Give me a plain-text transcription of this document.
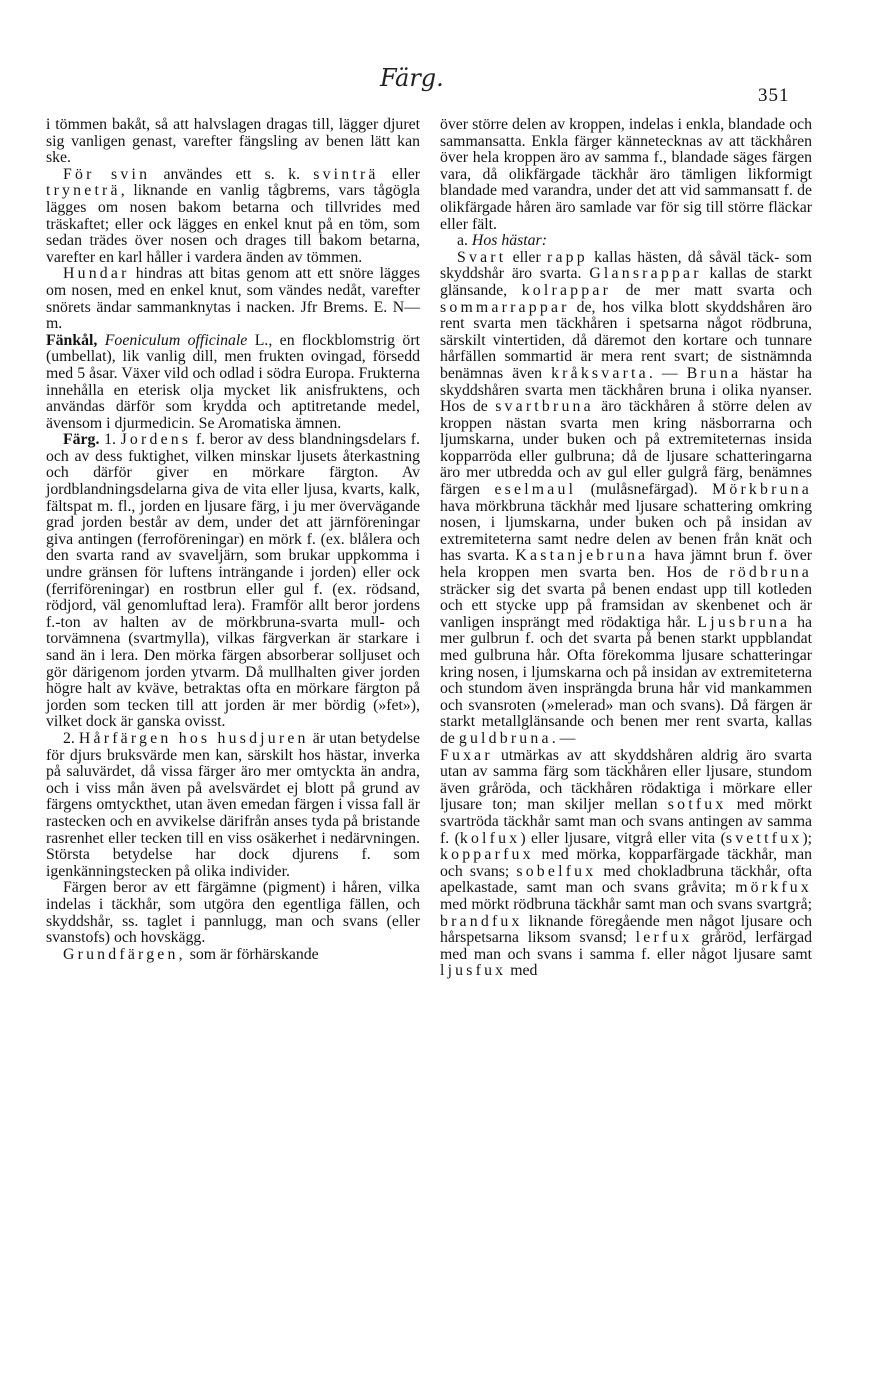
Färg.
351

i tömmen bakåt, så att halvslagen dragas till, lägger djuret sig vanligen genast, varefter fängsling av benen lätt kan ske.

För svin användes ett s. k. svinträ eller tryneträ, liknande en vanlig tågbrems, vars tågögla lägges om nosen bakom betarna och tillvrides med träskaftet; eller ock lägges en enkel knut på en töm, som sedan trädes över nosen och drages till bakom betarna, varefter en karl håller i vardera änden av tömmen.

Hundar hindras att bitas genom att ett snöre lägges om nosen, med en enkel knut, som vändes nedåt, varefter snörets ändar sammanknytas i nacken. Jfr Brems. E. N—m.

Fänkål, Foeniculum officinale L., en flockblomstrig ört (umbellat), lik vanlig dill, men frukten ovingad, försedd med 5 åsar. Växer vild och odlad i södra Europa. Frukterna innehålla en eterisk olja mycket lik anisfruktens, och användas därför som krydda och aptitretande medel, ävensom i djurmedicin. Se Aromatiska ämnen.

Färg. 1. Jordens f. beror av dess blandningsdelars f. och av dess fuktighet, vilken minskar ljusets återkastning och därför giver en mörkare färgton. Av jordblandningsdelarna giva de vita eller ljusa, kvarts, kalk, fältspat m. fl., jorden en ljusare färg, i ju mer övervägande grad jorden består av dem, under det att järnföreningar giva antingen (ferroföreningar) en mörk f. (ex. blålera och den svarta rand av svaveljärn, som brukar uppkomma i undre gränsen för luftens inträngande i jorden) eller ock (ferriföreningar) en rostbrun eller gul f. (ex. rödsand, rödjord, väl genomluftad lera). Framför allt beror jordens f.-ton av halten av de mörkbruna-svarta mull- och torvämnena (svartmylla), vilkas färgverkan är starkare i sand än i lera. Den mörka färgen absorberar solljuset och gör därigenom jorden ytvarm. Då mullhalten giver jorden högre halt av kväve, betraktas ofta en mörkare färgton på jorden som tecken till att jorden är mer bördig (»fet»), vilket dock är ganska ovisst.

2. Hårfärgen hos husdjuren är utan betydelse för djurs bruksvärde men kan, särskilt hos hästar, inverka på saluvärdet, då vissa färger äro mer omtyckta än andra, och i viss mån även på avelsvärdet ej blott på grund av färgens omtyckthet, utan även emedan färgen i vissa fall är rastecken och en avvikelse därifrån anses tyda på bristande rasrenhet eller tecken till en viss osäkerhet i nedärvningen. Största betydelse har dock djurens f. som igenkänningstecken på olika individer.

Färgen beror av ett färgämne (pigment) i håren, vilka indelas i täckhår, som utgöra den egentliga fällen, och skyddshår, ss. taglet i pannlugg, man och svans (eller svanstofs) och hovskägg.

Grundfärgen, som är förhärskande

över större delen av kroppen, indelas i enkla, blandade och sammansatta. Enkla färger kännetecknas av att täckhåren över hela kroppen äro av samma f., blandade säges färgen vara, då olikfärgade täckhår äro tämligen likformigt blandade med varandra, under det att vid sammansatt f. de olikfärgade håren äro samlade var för sig till större fläckar eller fält.

a. Hos hästar:

Svart eller rapp kallas hästen, då såväl täck- som skyddshår äro svarta. Glansrappar kallas de starkt glänsande, kolrappar de mer matt svarta och sommarrappar de, hos vilka blott skyddshåren äro rent svarta men täckhåren i spetsarna något rödbruna, särskilt vintertiden, då däremot den kortare och tunnare hårfällen sommartid är mera rent svart; de sistnämnda benämnas även kråksvarta. — Bruna hästar ha skyddshåren svarta men täckhåren bruna i olika nyanser. Hos de svartbruna äro täckhåren å större delen av kroppen nästan svarta men kring näsborrarna och ljumskarna, under buken och på extremiteternas insida kopparröda eller gulbruna; då de ljusare schatteringarna äro mer utbredda och av gul eller gulgrå färg, benämnes färgen eselmaul (mulåsnefärgad). Mörkbruna hava mörkbruna täckhår med ljusare schattering omkring nosen, i ljumskarna, under buken och på insidan av extremiteterna samt nedre delen av benen från knät och has svarta. Kastanjebruna hava jämnt brun f. över hela kroppen men svarta ben. Hos de rödbruna sträcker sig det svarta på benen endast upp till kotleden och ett stycke upp på framsidan av skenbenet och är vanligen insprängt med rödaktiga hår. Ljusbruna ha mer gulbrun f. och det svarta på benen starkt uppblandat med gulbruna hår. Ofta förekomma ljusare schatteringar kring nosen, i ljumskarna och på insidan av extremiteterna och stundom även insprängda bruna hår vid mankammen och svansroten (»melerad» man och svans). Då färgen är starkt metallglänsande och benen mer rent svarta, kallas de guldbruna. —

Fuxar utmärkas av att skyddshåren aldrig äro svarta utan av samma färg som täckhåren eller ljusare, stundom även gråröda, och täckhåren rödaktiga i mörkare eller ljusare ton; man skiljer mellan sotfux med mörkt svartröda täckhår samt man och svans antingen av samma f. (kolfux) eller ljusare, vitgrå eller vita (svettfux); kopparfux med mörka, kopparfärgade täckhår, man och svans; sobelfux med chokladbruna täckhår, ofta apelkastade, samt man och svans gråvita; mörkfux med mörkt rödbruna täckhår samt man och svans svartgrå; brandfux liknande föregående men något ljusare och hårspetsarna liksom svansd; lerfux gråröd, lerfärgad med man och svans i samma f. eller något ljusare samt ljusfux med
